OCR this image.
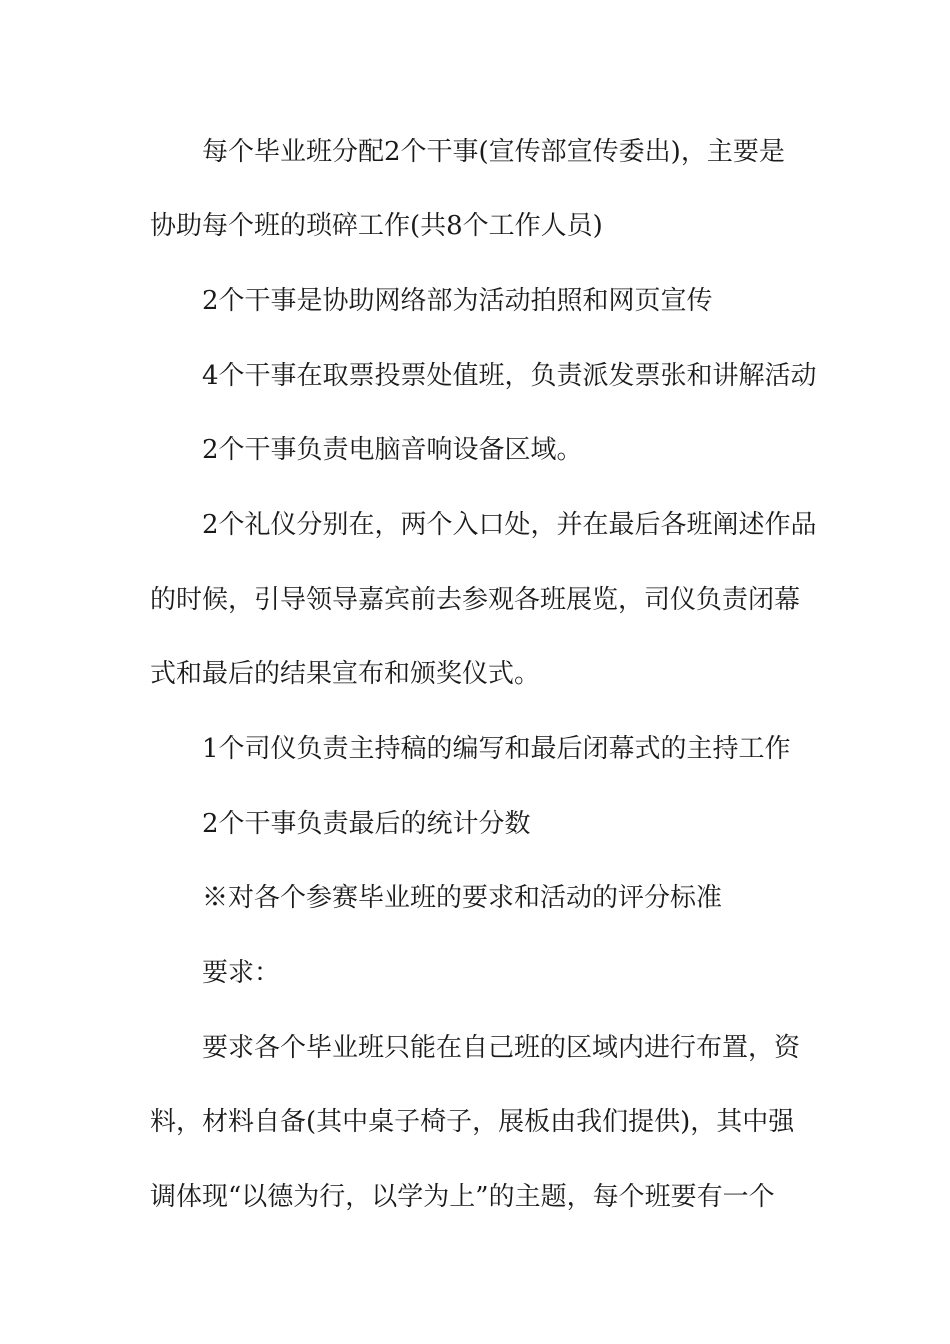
每个毕业班分配2个干事(宣传部宣传委出)，主要是
协助每个班的琐碎工作(共8个工作人员)
2个干事是协助网络部为活动拍照和网页宣传
4个干事在取票投票处值班，负责派发票张和讲解活动
2个干事负责电脑音响设备区域。
2个礼仪分别在，两个入口处，并在最后各班阐述作品
的时候，引导领导嘉宾前去参观各班展览，司仪负责闭幕
式和最后的结果宣布和颁奖仪式。
1个司仪负责主持稿的编写和最后闭幕式的主持工作
2个干事负责最后的统计分数
※对各个参赛毕业班的要求和活动的评分标准
要求：
要求各个毕业班只能在自己班的区域内进行布置，资
料，材料自备(其中桌子椅子，展板由我们提供)，其中强
调体现“以德为行，以学为上”的主题，每个班要有一个
